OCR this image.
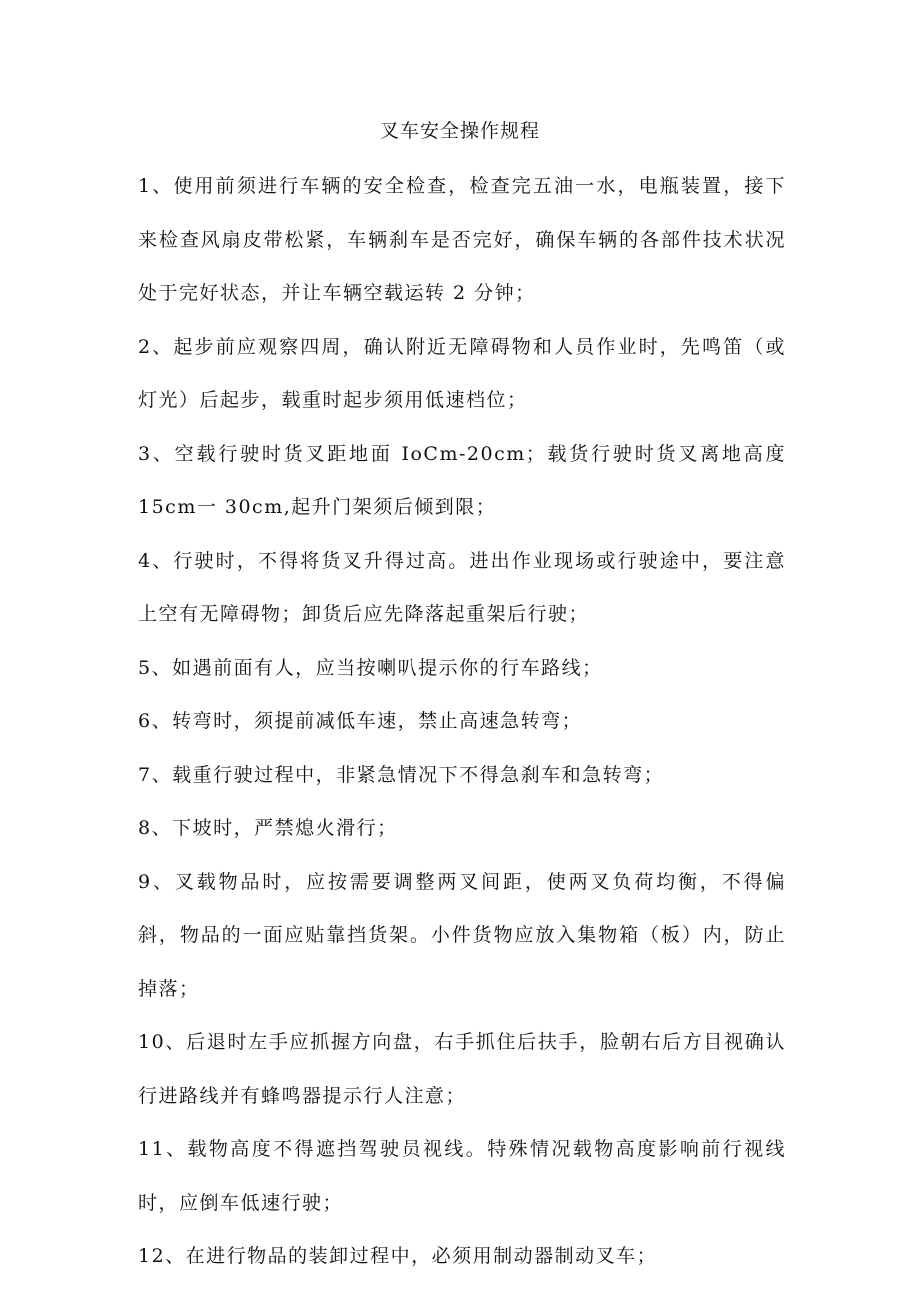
叉车安全操作规程

1、使用前须进行车辆的安全检查，检查完五油一水，电瓶装置，接下来检查风扇皮带松紧，车辆刹车是否完好，确保车辆的各部件技术状况处于完好状态，并让车辆空载运转 2 分钟；

2、起步前应观察四周，确认附近无障碍物和人员作业时，先鸣笛（或灯光）后起步，载重时起步须用低速档位；

3、空载行驶时货叉距地面 IoCm-20cm；载货行驶时货叉离地高度 15cm一 30cm,起升门架须后倾到限；

4、行驶时，不得将货叉升得过高。进出作业现场或行驶途中，要注意上空有无障碍物；卸货后应先降落起重架后行驶；

5、如遇前面有人，应当按喇叭提示你的行车路线；

6、转弯时，须提前减低车速，禁止高速急转弯；

7、载重行驶过程中，非紧急情况下不得急刹车和急转弯；

8、下坡时，严禁熄火滑行；

9、叉载物品时，应按需要调整两叉间距，使两叉负荷均衡，不得偏斜，物品的一面应贴靠挡货架。小件货物应放入集物箱（板）内，防止掉落；

10、后退时左手应抓握方向盘，右手抓住后扶手，脸朝右后方目视确认行进路线并有蜂鸣器提示行人注意；

11、载物高度不得遮挡驾驶员视线。特殊情况载物高度影响前行视线时，应倒车低速行驶；

12、在进行物品的装卸过程中，必须用制动器制动叉车；
